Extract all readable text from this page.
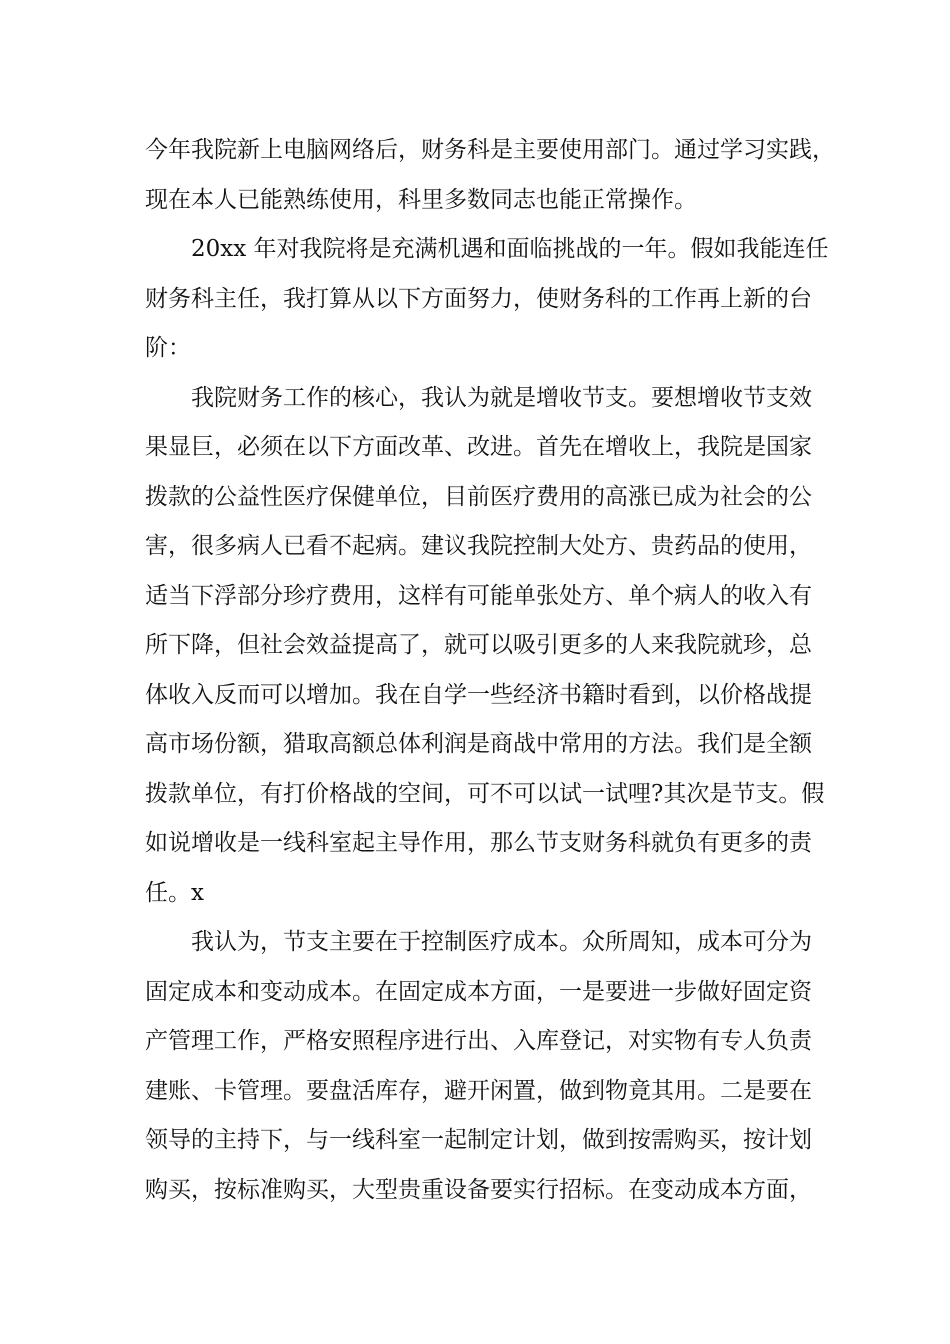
今年我院新上电脑网络后，财务科是主要使用部门。通过学习实践，
现在本人已能熟练使用，科里多数同志也能正常操作。
　　20xx 年对我院将是充满机遇和面临挑战的一年。假如我能连任
财务科主任，我打算从以下方面努力，使财务科的工作再上新的台
阶：
　　我院财务工作的核心，我认为就是增收节支。要想增收节支效
果显巨，必须在以下方面改革、改进。首先在增收上，我院是国家
拨款的公益性医疗保健单位，目前医疗费用的高涨已成为社会的公
害，很多病人已看不起病。建议我院控制大处方、贵药品的使用，
适当下浮部分珍疗费用，这样有可能单张处方、单个病人的收入有
所下降，但社会效益提高了，就可以吸引更多的人来我院就珍，总
体收入反而可以增加。我在自学一些经济书籍时看到，以价格战提
高市场份额，猎取高额总体利润是商战中常用的方法。我们是全额
拨款单位，有打价格战的空间，可不可以试一试哩?其次是节支。假
如说增收是一线科室起主导作用，那么节支财务科就负有更多的责
任。x
　　我认为，节支主要在于控制医疗成本。众所周知，成本可分为
固定成本和变动成本。在固定成本方面，一是要进一步做好固定资
产管理工作，严格安照程序进行出、入库登记，对实物有专人负责
建账、卡管理。要盘活库存，避开闲置，做到物竟其用。二是要在
领导的主持下，与一线科室一起制定计划，做到按需购买，按计划
购买，按标准购买，大型贵重设备要实行招标。在变动成本方面，
